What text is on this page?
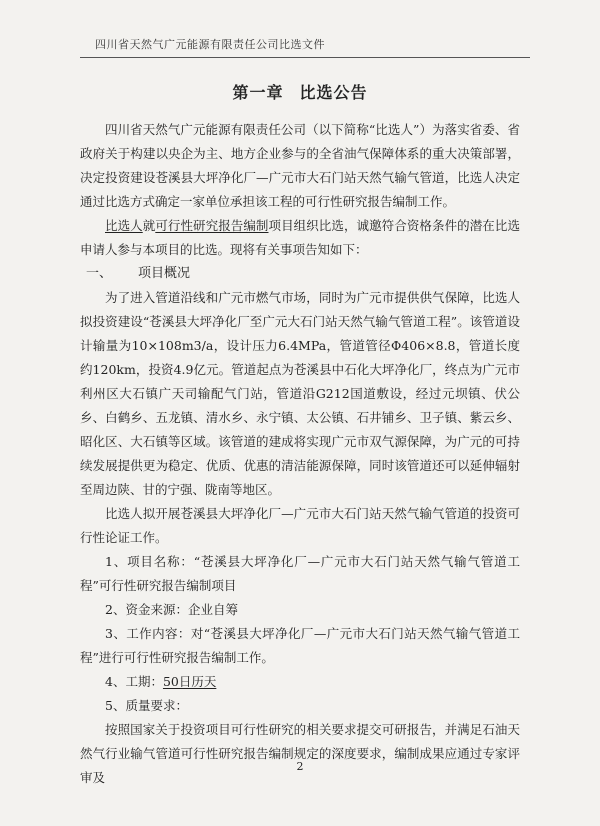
四川省天然气广元能源有限责任公司比选文件
第一章 比选公告

四川省天然气广元能源有限责任公司（以下简称“比选人”）为落实省委、省政府关于构建以央企为主、地方企业参与的全省油气保障体系的重大决策部署，决定投资建设苍溪县大坪净化厂—广元市大石门站天然气输气管道，比选人决定通过比选方式确定一家单位承担该工程的可行性研究报告编制工作。

比选人就可行性研究报告编制项目组织比选，诚邀符合资格条件的潜在比选申请人参与本项目的比选。现将有关事项告知如下：

一、 项目概况

为了进入管道沿线和广元市燃气市场，同时为广元市提供供气保障，比选人拟投资建设“苍溪县大坪净化厂至广元大石门站天然气输气管道工程”。该管道设计输量为10×108m3/a，设计压力6.4MPa，管道管径Φ406×8.8，管道长度约120km，投资4.9亿元。管道起点为苍溪县中石化大坪净化厂，终点为广元市利州区大石镇广天司输配气门站，管道沿G212国道敷设，经过元坝镇、伏公乡、白鹤乡、五龙镇、清水乡、永宁镇、太公镇、石井铺乡、卫子镇、紫云乡、昭化区、大石镇等区域。该管道的建成将实现广元市双气源保障，为广元的可持续发展提供更为稳定、优质、优惠的清洁能源保障，同时该管道还可以延伸辐射至周边陕、甘的宁强、陇南等地区。

比选人拟开展苍溪县大坪净化厂—广元市大石门站天然气输气管道的投资可行性论证工作。

1、项目名称：“苍溪县大坪净化厂—广元市大石门站天然气输气管道工程”可行性研究报告编制项目

2、资金来源：企业自筹

3、工作内容：对“苍溪县大坪净化厂—广元市大石门站天然气输气管道工程”进行可行性研究报告编制工作。

4、工期：50日历天

5、质量要求：

按照国家关于投资项目可行性研究的相关要求提交可研报告，并满足石油天然气行业输气管道可行性研究报告编制规定的深度要求，编制成果应通过专家评审及

2
